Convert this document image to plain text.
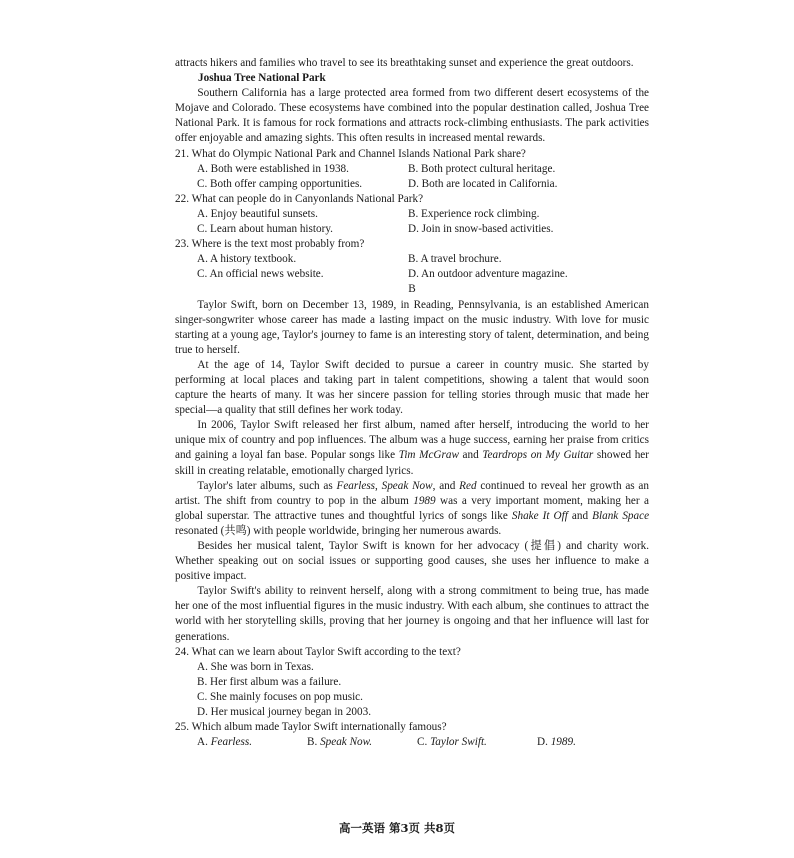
attracts hikers and families who travel to see its breathtaking sunset and experience the great outdoors.

Joshua Tree National Park

Southern California has a large protected area formed from two different desert ecosystems of the Mojave and Colorado. These ecosystems have combined into the popular destination called, Joshua Tree National Park. It is famous for rock formations and attracts rock-climbing enthusiasts. The park activities offer enjoyable and amazing sights. This often results in increased mental rewards.

21. What do Olympic National Park and Channel Islands National Park share?

A. Both were established in 1938.	B. Both protect cultural heritage.
C. Both offer camping opportunities.	D. Both are located in California.

22. What can people do in Canyonlands National Park?

A. Enjoy beautiful sunsets.	B. Experience rock climbing.
C. Learn about human history.	D. Join in snow-based activities.

23. Where is the text most probably from?

A. A history textbook.	B. A travel brochure.
C. An official news website.	D. An outdoor adventure magazine.

B

Taylor Swift, born on December 13, 1989, in Reading, Pennsylvania, is an established American singer-songwriter whose career has made a lasting impact on the music industry. With love for music starting at a young age, Taylor's journey to fame is an interesting story of talent, determination, and being true to herself.

At the age of 14, Taylor Swift decided to pursue a career in country music. She started by performing at local places and taking part in talent competitions, showing a talent that would soon capture the hearts of many. It was her sincere passion for telling stories through music that made her special—a quality that still defines her work today.

In 2006, Taylor Swift released her first album, named after herself, introducing the world to her unique mix of country and pop influences. The album was a huge success, earning her praise from critics and gaining a loyal fan base. Popular songs like Tim McGraw and Teardrops on My Guitar showed her skill in creating relatable, emotionally charged lyrics.

Taylor's later albums, such as Fearless, Speak Now, and Red continued to reveal her growth as an artist. The shift from country to pop in the album 1989 was a very important moment, making her a global superstar. The attractive tunes and thoughtful lyrics of songs like Shake It Off and Blank Space resonated (共鸣) with people worldwide, bringing her numerous awards.

Besides her musical talent, Taylor Swift is known for her advocacy (提倡) and charity work. Whether speaking out on social issues or supporting good causes, she uses her influence to make a positive impact.

Taylor Swift's ability to reinvent herself, along with a strong commitment to being true, has made her one of the most influential figures in the music industry. With each album, she continues to attract the world with her storytelling skills, proving that her journey is ongoing and that her influence will last for generations.

24. What can we learn about Taylor Swift according to the text?

A. She was born in Texas.
B. Her first album was a failure.
C. She mainly focuses on pop music.
D. Her musical journey began in 2003.

25. Which album made Taylor Swift internationally famous?

A. Fearless.	B. Speak Now.	C. Taylor Swift.	D. 1989.
高一英语 第3页 共8页
